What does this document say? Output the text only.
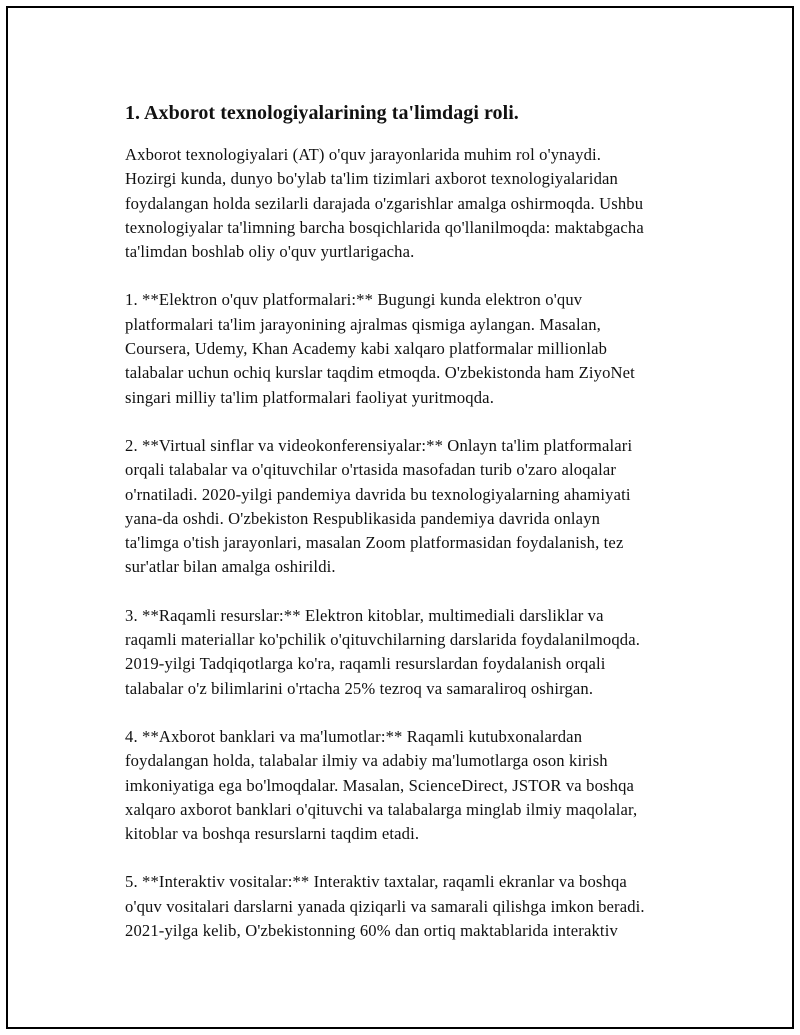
1. Axborot texnologiyalarining ta'limdagi roli.

Axborot texnologiyalari (AT) o'quv jarayonlarida muhim rol o'ynaydi.
Hozirgi kunda, dunyo bo'ylab ta'lim tizimlari axborot texnologiyalaridan
foydalangan holda sezilarli darajada o'zgarishlar amalga oshirmoqda. Ushbu
texnologiyalar ta'limning barcha bosqichlarida qo'llanilmoqda: maktabgacha
ta'limdan boshlab oliy o'quv yurtlarigacha.

1. **Elektron o'quv platformalari:** Bugungi kunda elektron o'quv
platformalari ta'lim jarayonining ajralmas qismiga aylangan. Masalan,
Coursera, Udemy, Khan Academy kabi xalqaro platformalar millionlab
talabalar uchun ochiq kurslar taqdim etmoqda. O'zbekistonda ham ZiyoNet
singari milliy ta'lim platformalari faoliyat yuritmoqda.

2. **Virtual sinflar va videokonferensiyalar:** Onlayn ta'lim platformalari
orqali talabalar va o'qituvchilar o'rtasida masofadan turib o'zaro aloqalar
o'rnatiladi. 2020-yilgi pandemiya davrida bu texnologiyalarning ahamiyati
yana-da oshdi. O'zbekiston Respublikasida pandemiya davrida onlayn
ta'limga o'tish jarayonlari, masalan Zoom platformasidan foydalanish, tez
sur'atlar bilan amalga oshirildi.

3. **Raqamli resurslar:** Elektron kitoblar, multimediali darsliklar va
raqamli materiallar ko'pchilik o'qituvchilarning darslarida foydalanilmoqda.
2019-yilgi Tadqiqotlarga ko'ra, raqamli resurslardan foydalanish orqali
talabalar o'z bilimlarini o'rtacha 25% tezroq va samaraliroq oshirgan.

4. **Axborot banklari va ma'lumotlar:** Raqamli kutubxonalardan
foydalangan holda, talabalar ilmiy va adabiy ma'lumotlarga oson kirish
imkoniyatiga ega bo'lmoqdalar. Masalan, ScienceDirect, JSTOR va boshqa
xalqaro axborot banklari o'qituvchi va talabalarga minglab ilmiy maqolalar,
kitoblar va boshqa resurslarni taqdim etadi.

5. **Interaktiv vositalar:** Interaktiv taxtalar, raqamli ekranlar va boshqa
o'quv vositalari darslarni yanada qiziqarli va samarali qilishga imkon beradi.
2021-yilga kelib, O'zbekistonning 60% dan ortiq maktablarida interaktiv
